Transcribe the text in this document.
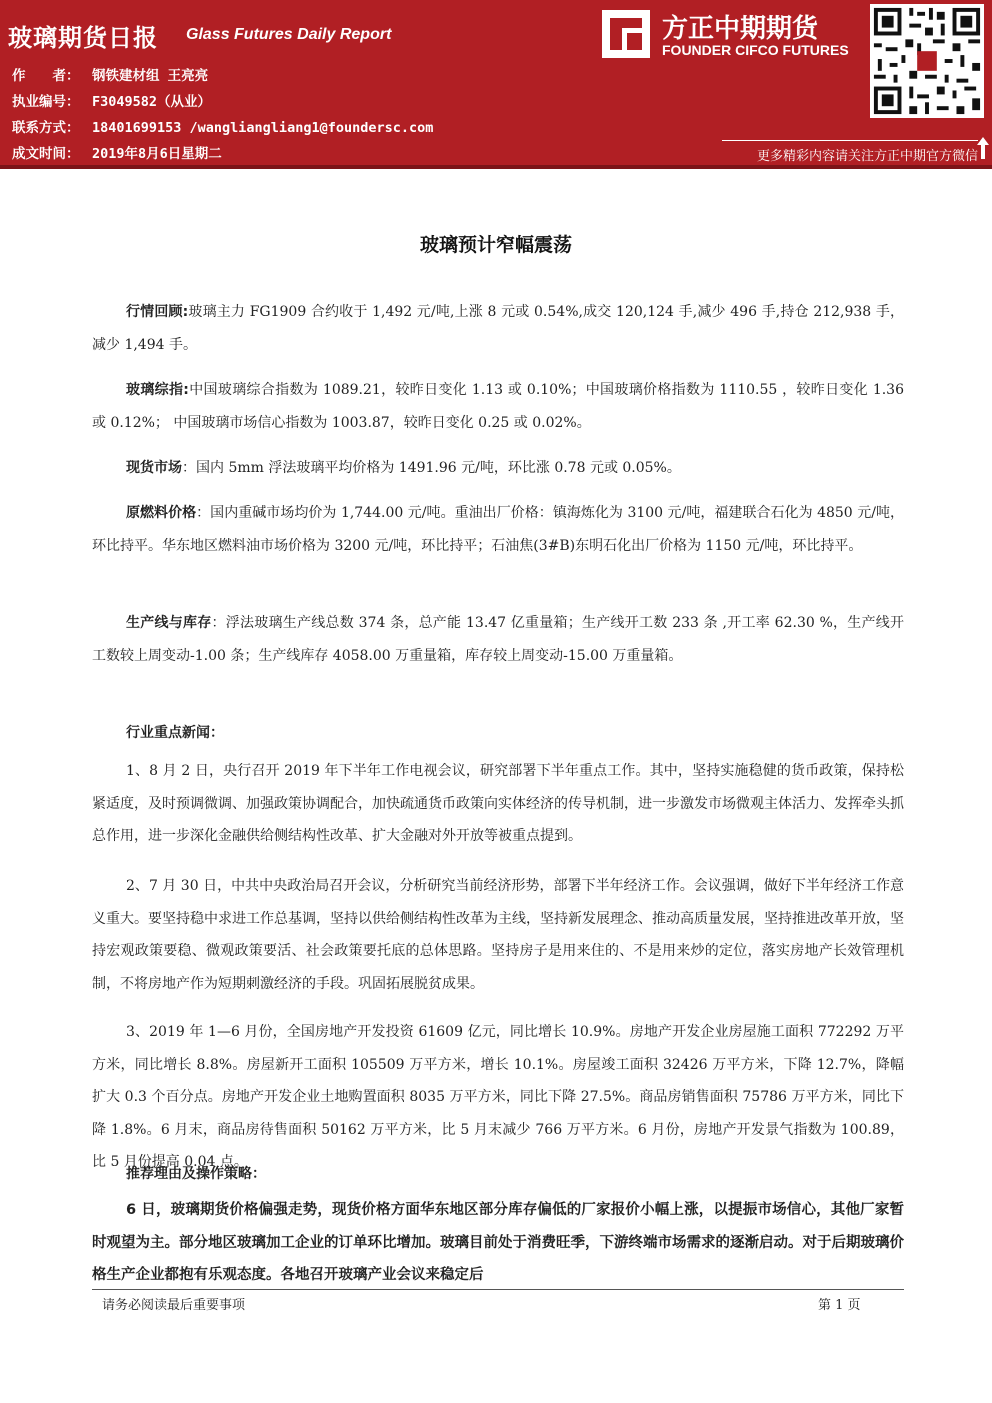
玻璃期货日报 Glass Futures Daily Report
作　　者： 钢铁建材组 王亮亮
执业编号： F3049582（从业）
联系方式： 18401699153 /wangliangliang1@foundersc.com
成文时间： 2019年8月6日星期二
方正中期期货
FOUNDER CIFCO FUTURES
更多精彩内容请关注方正中期官方微信
玻璃预计窄幅震荡
行情回顾:玻璃主力 FG1909 合约收于 1,492 元/吨,上涨 8 元或 0.54%,成交 120,124 手,减少 496 手,持仓 212,938 手，减少 1,494 手。
玻璃综指:中国玻璃综合指数为 1089.21，较昨日变化 1.13 或 0.10%；中国玻璃价格指数为 1110.55 ，较昨日变化 1.36 或 0.12%； 中国玻璃市场信心指数为 1003.87，较昨日变化 0.25 或 0.02%。
现货市场：国内 5mm 浮法玻璃平均价格为 1491.96 元/吨，环比涨 0.78 元或 0.05%。
原燃料价格：国内重碱市场均价为 1,744.00 元/吨。重油出厂价格：镇海炼化为 3100 元/吨，福建联合石化为 4850 元/吨，环比持平。华东地区燃料油市场价格为 3200 元/吨，环比持平；石油焦(3#B)东明石化出厂价格为 1150 元/吨，环比持平。
生产线与库存：浮法玻璃生产线总数 374 条，总产能 13.47 亿重量箱；生产线开工数 233 条 ,开工率 62.30 %，生产线开工数较上周变动-1.00 条；生产线库存 4058.00 万重量箱，库存较上周变动-15.00 万重量箱。
行业重点新闻：
1、8 月 2 日，央行召开 2019 年下半年工作电视会议，研究部署下半年重点工作。其中，坚持实施稳健的货币政策，保持松紧适度，及时预调微调、加强政策协调配合，加快疏通货币政策向实体经济的传导机制，进一步激发市场微观主体活力、发挥牵头抓总作用，进一步深化金融供给侧结构性改革、扩大金融对外开放等被重点提到。
2、7 月 30 日，中共中央政治局召开会议，分析研究当前经济形势，部署下半年经济工作。会议强调，做好下半年经济工作意义重大。要坚持稳中求进工作总基调，坚持以供给侧结构性改革为主线，坚持新发展理念、推动高质量发展，坚持推进改革开放，坚持宏观政策要稳、微观政策要活、社会政策要托底的总体思路。坚持房子是用来住的、不是用来炒的定位，落实房地产长效管理机制，不将房地产作为短期刺激经济的手段。巩固拓展脱贫成果。
3、2019 年 1—6 月份，全国房地产开发投资 61609 亿元，同比增长 10.9%。房地产开发企业房屋施工面积 772292 万平方米，同比增长 8.8%。房屋新开工面积 105509 万平方米，增长 10.1%。房屋竣工面积 32426 万平方米，下降 12.7%，降幅扩大 0.3 个百分点。房地产开发企业土地购置面积 8035 万平方米，同比下降 27.5%。商品房销售面积 75786 万平方米，同比下降 1.8%。6 月末，商品房待售面积 50162 万平方米，比 5 月末减少 766 万平方米。6 月份，房地产开发景气指数为 100.89，比 5 月份提高 0.04 点。
推荐理由及操作策略：
6 日，玻璃期货价格偏强走势，现货价格方面华东地区部分库存偏低的厂家报价小幅上涨，以提振市场信心，其他厂家暂时观望为主。部分地区玻璃加工企业的订单环比增加。玻璃目前处于消费旺季，下游终端市场需求的逐渐启动。对于后期玻璃价格生产企业都抱有乐观态度。各地召开玻璃产业会议来稳定后
请务必阅读最后重要事项	第 1 页
